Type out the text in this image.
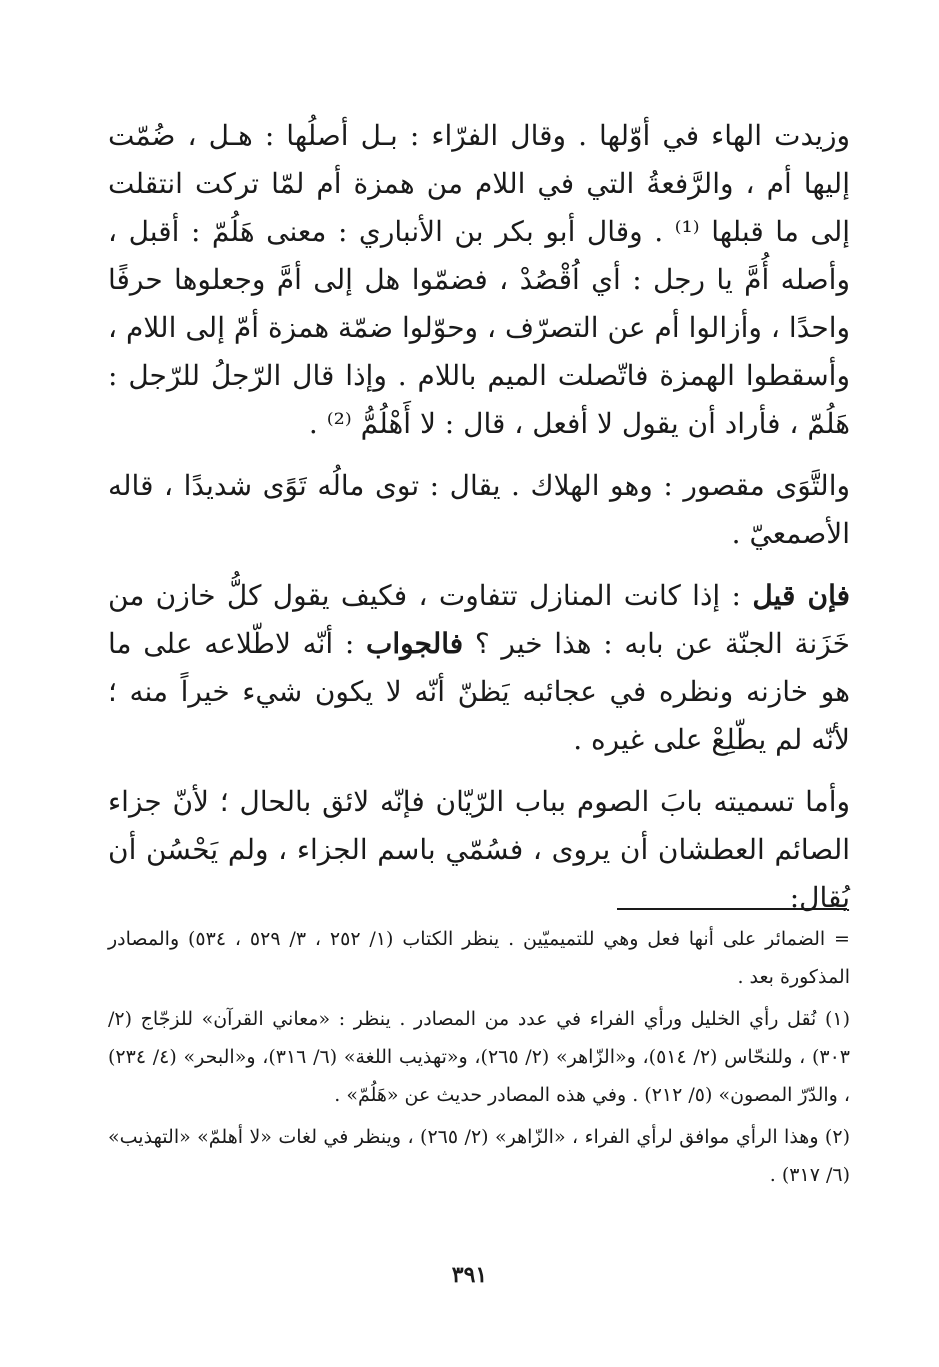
وزيدت الهاء في أوّلها . وقال الفرّاء : بـل أصلُها : هـل ، ضُمّت إليها أم ، والرَّفعةُ التي في اللام من همزة أم لمّا تركت انتقلت إلى ما قبلها ⁽¹⁾ . وقال أبو بكر بن الأنباري : معنى هَلُمّ : أقبل ، وأصله أُمَّ يا رجل : أي اُقْصُدْ ، فضمّوا هل إلى أمَّ وجعلوها حرفًا واحدًا ، وأزالوا أم عن التصرّف ، وحوّلوا ضمّة همزة أمّ إلى اللام ، وأسقطوا الهمزة فاتّصلت الميم باللام . وإذا قال الرّجلُ للرّجل : هَلُمّ ، فأراد أن يقول لا أفعل ، قال : لا أَهْلُمُّ ⁽²⁾ .

والتَّوَى مقصور : وهو الهلاك . يقال : توى مالُه تَوًى شديدًا ، قاله الأصمعيّ .

فإن قيل : إذا كانت المنازل تتفاوت ، فكيف يقول كلُّ خازن من خَزَنة الجنّة عن بابه : هذا خير ؟ فالجواب : أنّه لاطّلاعه على ما هو خازنه ونظره في عجائبه يَظنّ أنّه لا يكون شيء خيراً منه ؛ لأنّه لم يطّلِعْ على غيره .

وأما تسميته بابَ الصوم بباب الرّيّان فإنّه لائق بالحال ؛ لأنّ جزاء الصائم العطشان أن يروى ، فسُمّي باسم الجزاء ، ولم يَحْسُن أن يُقال:

= الضمائر على أنها فعل وهي للتميميّين . ينظر الكتاب (١/ ٢٥٢ ، ٣/ ٥٢٩ ، ٥٣٤) والمصادر المذكورة بعد .

(١) نُقل رأي الخليل ورأي الفراء في عدد من المصادر . ينظر : «معاني القرآن» للزجّاج (٢/ ٣٠٣) ، وللنحّاس (٢/ ٥١٤)، و«الزّاهر» (٢/ ٢٦٥)، و«تهذيب اللغة» (٦/ ٣١٦)، و«البحر» (٤/ ٢٣٤) ، والدّرّ المصون» (٥/ ٢١٢) . وفي هذه المصادر حديث عن «هَلُمّ» .

(٢) وهذا الرأي موافق لرأي الفراء ، «الزّاهر» (٢/ ٢٦٥) ، وينظر في لغات «لا أهلمّ» «التهذيب» (٦/ ٣١٧) .

٣٩١
